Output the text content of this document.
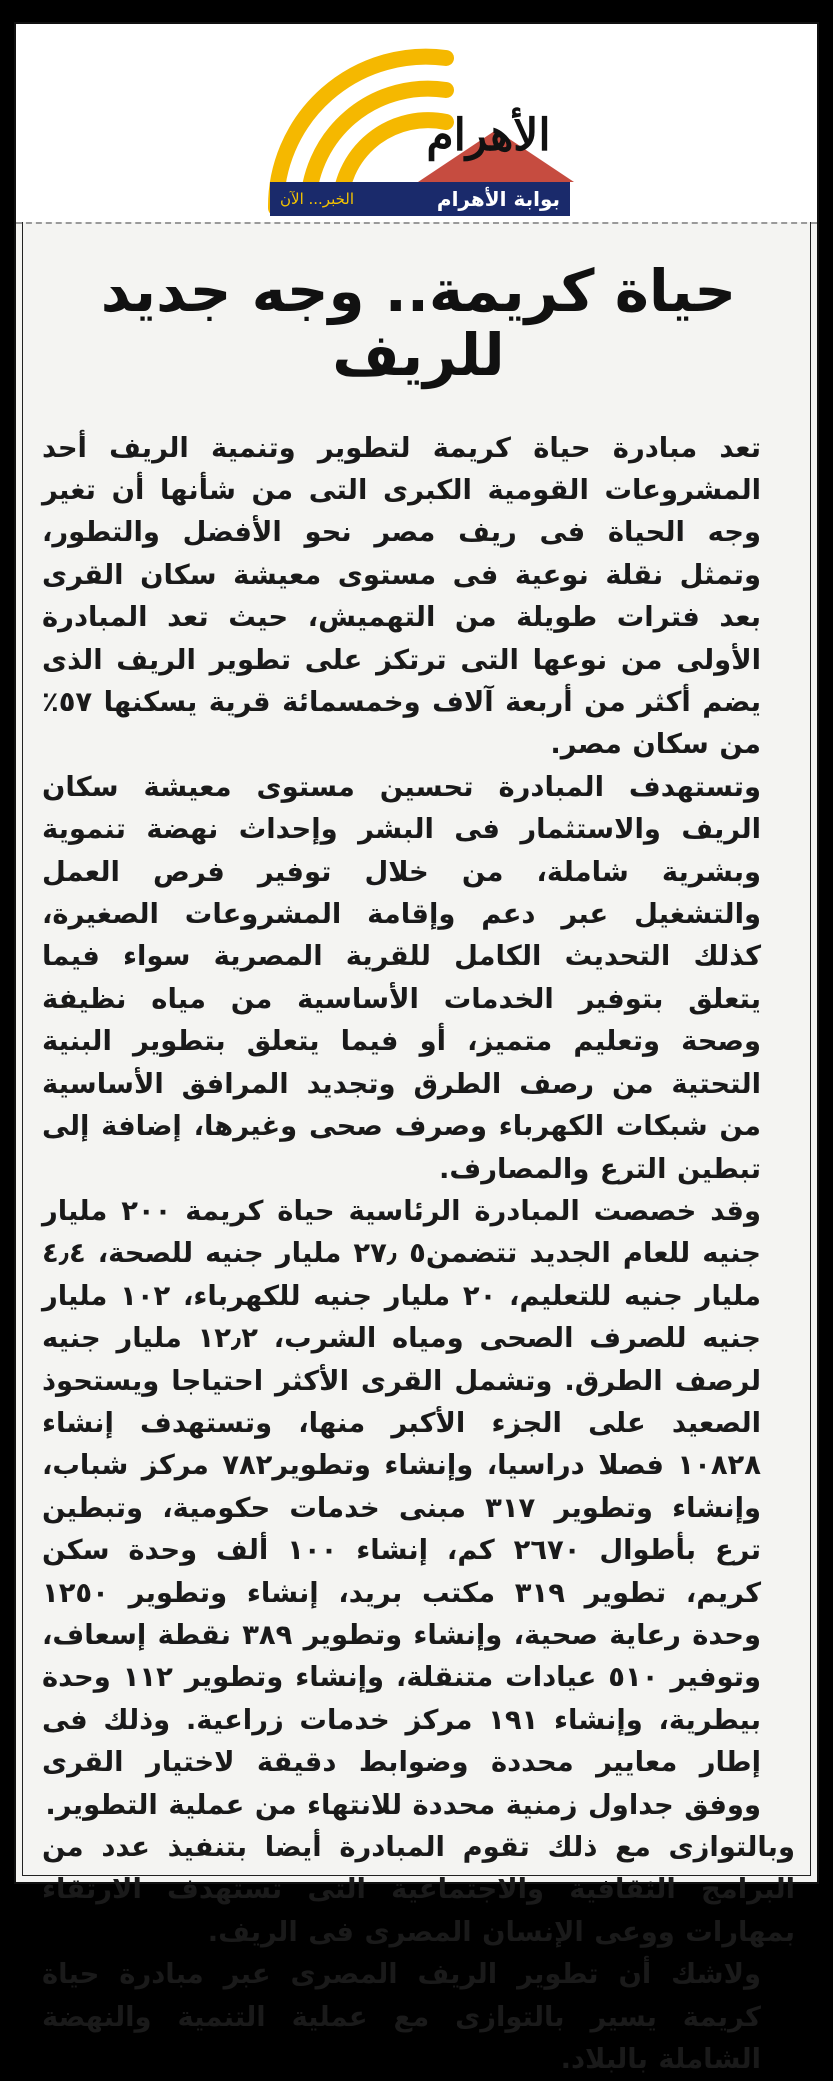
الأهرام
الخبر... الآن	بوابة الأهرام
حياة كريمة.. وجه جديد للريف

تعد مبادرة حياة كريمة لتطوير وتنمية الريف أحد المشروعات القومية الكبرى التى من شأنها أن تغير وجه الحياة فى ريف مصر نحو الأفضل والتطور، وتمثل نقلة نوعية فى مستوى معيشة سكان القرى بعد فترات طويلة من التهميش، حيث تعد المبادرة الأولى من نوعها التى ترتكز على تطوير الريف الذى يضم أكثر من أربعة آلاف وخمسمائة قرية يسكنها ٥٧٪ من سكان مصر.

وتستهدف المبادرة تحسين مستوى معيشة سكان الريف والاستثمار فى البشر وإحداث نهضة تنموية وبشرية شاملة، من خلال توفير فرص العمل والتشغيل عبر دعم وإقامة المشروعات الصغيرة، كذلك التحديث الكامل للقرية المصرية سواء فيما يتعلق بتوفير الخدمات الأساسية من مياه نظيفة وصحة وتعليم متميز، أو فيما يتعلق بتطوير البنية التحتية من رصف الطرق وتجديد المرافق الأساسية من شبكات الكهرباء وصرف صحى وغيرها، إضافة إلى تبطين الترع والمصارف.

وقد خصصت المبادرة الرئاسية حياة كريمة ٢٠٠ مليار جنيه للعام الجديد تتضمن٥ ٢٧٫ مليار جنيه للصحة، ٤٫٤ مليار جنيه للتعليم، ٢٠ مليار جنيه للكهرباء، ١٠٢ مليار جنيه للصرف الصحى ومياه الشرب، ١٢٫٢ مليار جنيه لرصف الطرق. وتشمل القرى الأكثر احتياجا ويستحوذ الصعيد على الجزء الأكبر منها، وتستهدف إنشاء ١٠٨٢٨ فصلا دراسيا، وإنشاء وتطوير٧٨٢ مركز شباب، وإنشاء وتطوير ٣١٧ مبنى خدمات حكومية، وتبطين ترع بأطوال ٢٦٧٠ كم، إنشاء ١٠٠ ألف وحدة سكن كريم، تطوير ٣١٩ مكتب بريد، إنشاء وتطوير ١٢٥٠ وحدة رعاية صحية، وإنشاء وتطوير ٣٨٩ نقطة إسعاف، وتوفير ٥١٠ عيادات متنقلة، وإنشاء وتطوير ١١٢ وحدة بيطرية، وإنشاء ١٩١ مركز خدمات زراعية. وذلك فى إطار معايير محددة وضوابط دقيقة لاختيار القرى ووفق جداول زمنية محددة للانتهاء من عملية التطوير.

وبالتوازى مع ذلك تقوم المبادرة أيضا بتنفيذ عدد من البرامج الثقافية والاجتماعية التى تستهدف الارتقاء بمهارات ووعى الإنسان المصرى فى الريف.

ولاشك أن تطوير الريف المصرى عبر مبادرة حياة كريمة يسير بالتوازى مع عملية التنمية والنهضة الشاملة بالبلاد.
